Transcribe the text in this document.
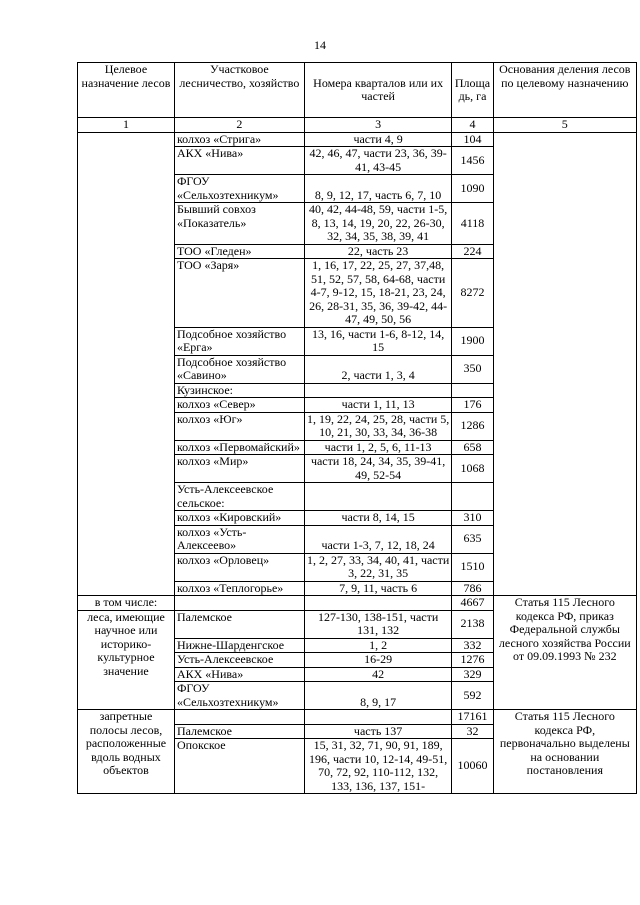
14
Целевое назначение лесов	Участковое лесничество, хозяйство	Номера кварталов или их частей	Площа дь, га	Основания деления лесов по целевому назначению
1	2	3	4	5
	колхоз «Стрига»	части 4, 9	104	
	АКХ «Нива»	42, 46, 47, части 23, 36, 39-41, 43-45	1456	
	ФГОУ «Сельхозтехникум»	8, 9, 12, 17, часть 6, 7, 10	1090	
	Бывший совхоз «Показатель»	40, 42, 44-48, 59, части 1-5, 8, 13, 14, 19, 20, 22, 26-30, 32, 34, 35, 38, 39, 41	4118	
	ТОО «Гледен»	22, часть 23	224	
	ТОО «Заря»	1, 16, 17, 22, 25, 27, 37,48, 51, 52, 57, 58, 64-68, части 4-7, 9-12, 15, 18-21, 23, 24, 26, 28-31, 35, 36, 39-42, 44-47, 49, 50, 56	8272	
	Подсобное хозяйство «Ерга»	13, 16, части 1-6, 8-12, 14, 15	1900	
	Подсобное хозяйство «Савино»	2, части 1, 3, 4	350	
	Кузинское:			
	колхоз «Север»	части 1, 11, 13	176	
	колхоз «Юг»	1, 19, 22, 24, 25, 28, части 5, 10, 21, 30, 33, 34, 36-38	1286	
	колхоз «Первомайский»	части 1, 2, 5, 6, 11-13	658	
	колхоз «Мир»	части 18, 24, 34, 35, 39-41, 49, 52-54	1068	
	Усть-Алексеевское сельское:			
	колхоз «Кировский»	части 8, 14, 15	310	
	колхоз «Усть-Алексеево»	части 1-3, 7, 12, 18, 24	635	
	колхоз «Орловец»	1, 2, 27, 33, 34, 40, 41, части 3, 22, 31, 35	1510	
	колхоз «Теплогорье»	7, 9, 11, часть 6	786	
в том числе:			4667	Статья 115 Лесного кодекса РФ, приказ Федеральной службы лесного хозяйства России от 09.09.1993 № 232
леса, имеющие научное или историко-культурное значение	Палемское	127-130, 138-151, части 131, 132	2138	
	Нижне-Шарденгское	1, 2	332	
	Усть-Алексеевское	16-29	1276	
	АКХ «Нива»	42	329	
	ФГОУ «Сельхозтехникум»	8, 9, 17	592	
запретные полосы лесов, расположенные вдоль водных объектов			17161	Статья 115 Лесного кодекса РФ, первоначально выделены на основании постановления
	Палемское	часть 137	32	
	Опокское	15, 31, 32, 71, 90, 91, 189, 196, части 10, 12-14, 49-51, 70, 72, 92, 110-112, 132, 133, 136, 137, 151-	10060	
